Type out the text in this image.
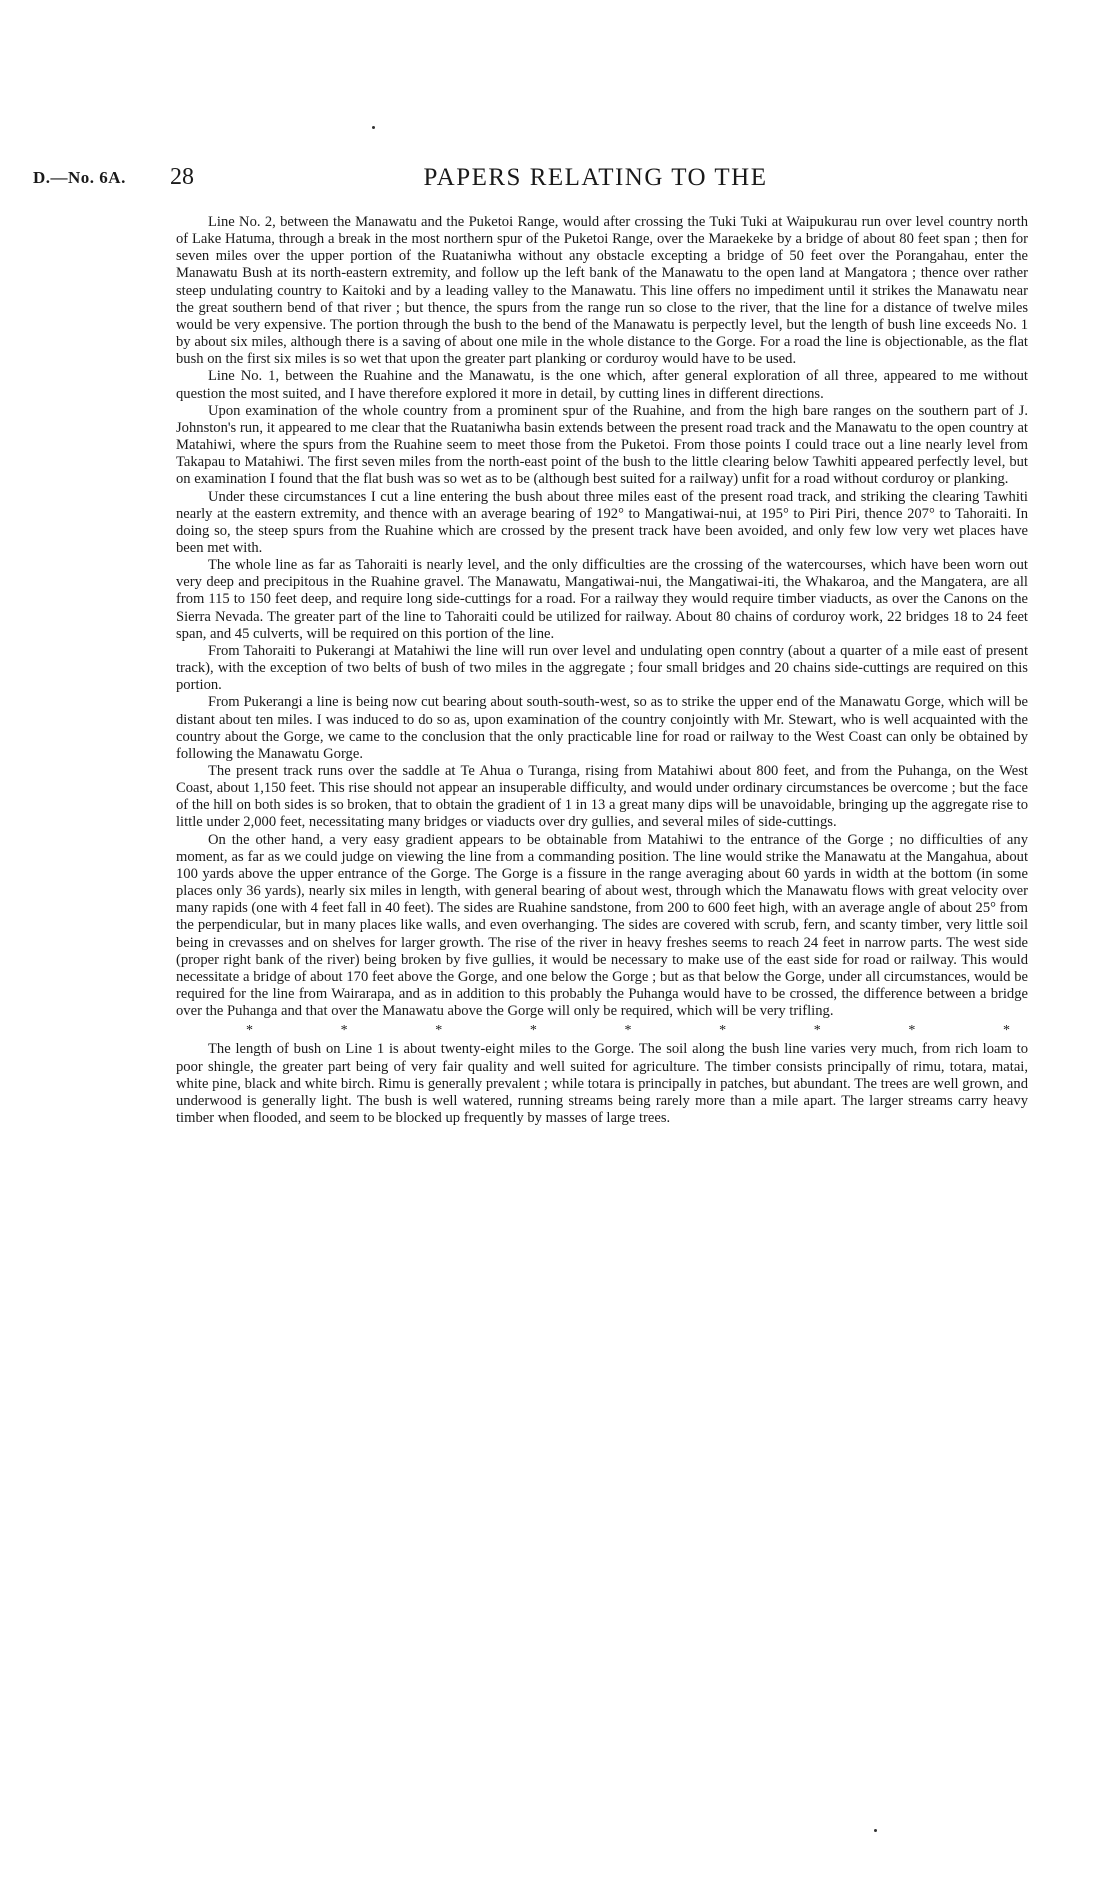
D.—No. 6A. 28	PAPERS RELATING TO THE

Line No. 2, between the Manawatu and the Puketoi Range, would after crossing the Tuki Tuki at Waipukurau run over level country north of Lake Hatuma, through a break in the most northern spur of the Puketoi Range, over the Maraekeke by a bridge of about 80 feet span ; then for seven miles over the upper portion of the Ruataniwha without any obstacle excepting a bridge of 50 feet over the Porangahau, enter the Manawatu Bush at its north-eastern extremity, and follow up the left bank of the Manawatu to the open land at Mangatora ; thence over rather steep undulating country to Kaitoki and by a leading valley to the Manawatu. This line offers no impediment until it strikes the Manawatu near the great southern bend of that river ; but thence, the spurs from the range run so close to the river, that the line for a distance of twelve miles would be very expensive. The portion through the bush to the bend of the Manawatu is perpectly level, but the length of bush line exceeds No. 1 by about six miles, although there is a saving of about one mile in the whole distance to the Gorge. For a road the line is objectionable, as the flat bush on the first six miles is so wet that upon the greater part planking or corduroy would have to be used.

Line No. 1, between the Ruahine and the Manawatu, is the one which, after general exploration of all three, appeared to me without question the most suited, and I have therefore explored it more in detail, by cutting lines in different directions.

Upon examination of the whole country from a prominent spur of the Ruahine, and from the high bare ranges on the southern part of J. Johnston's run, it appeared to me clear that the Ruataniwha basin extends between the present road track and the Manawatu to the open country at Matahiwi, where the spurs from the Ruahine seem to meet those from the Puketoi. From those points I could trace out a line nearly level from Takapau to Matahiwi. The first seven miles from the north-east point of the bush to the little clearing below Tawhiti appeared perfectly level, but on examination I found that the flat bush was so wet as to be (although best suited for a railway) unfit for a road without corduroy or planking.

Under these circumstances I cut a line entering the bush about three miles east of the present road track, and striking the clearing Tawhiti nearly at the eastern extremity, and thence with an average bearing of 192° to Mangatiwai-nui, at 195° to Piri Piri, thence 207° to Tahoraiti. In doing so, the steep spurs from the Ruahine which are crossed by the present track have been avoided, and only few low very wet places have been met with.

The whole line as far as Tahoraiti is nearly level, and the only difficulties are the crossing of the watercourses, which have been worn out very deep and precipitous in the Ruahine gravel. The Manawatu, Mangatiwai-nui, the Mangatiwai-iti, the Whakaroa, and the Mangatera, are all from 115 to 150 feet deep, and require long side-cuttings for a road. For a railway they would require timber viaducts, as over the Canons on the Sierra Nevada. The greater part of the line to Tahoraiti could be utilized for railway. About 80 chains of corduroy work, 22 bridges 18 to 24 feet span, and 45 culverts, will be required on this portion of the line.

From Tahoraiti to Pukerangi at Matahiwi the line will run over level and undulating open conntry (about a quarter of a mile east of present track), with the exception of two belts of bush of two miles in the aggregate ; four small bridges and 20 chains side-cuttings are required on this portion.

From Pukerangi a line is being now cut bearing about south-south-west, so as to strike the upper end of the Manawatu Gorge, which will be distant about ten miles. I was induced to do so as, upon examination of the country conjointly with Mr. Stewart, who is well acquainted with the country about the Gorge, we came to the conclusion that the only practicable line for road or railway to the West Coast can only be obtained by following the Manawatu Gorge.

The present track runs over the saddle at Te Ahua o Turanga, rising from Matahiwi about 800 feet, and from the Puhanga, on the West Coast, about 1,150 feet. This rise should not appear an insuperable difficulty, and would under ordinary circumstances be overcome ; but the face of the hill on both sides is so broken, that to obtain the gradient of 1 in 13 a great many dips will be unavoidable, bringing up the aggregate rise to little under 2,000 feet, necessitating many bridges or viaducts over dry gullies, and several miles of side-cuttings.

On the other hand, a very easy gradient appears to be obtainable from Matahiwi to the entrance of the Gorge ; no difficulties of any moment, as far as we could judge on viewing the line from a commanding position. The line would strike the Manawatu at the Mangahua, about 100 yards above the upper entrance of the Gorge. The Gorge is a fissure in the range averaging about 60 yards in width at the bottom (in some places only 36 yards), nearly six miles in length, with general bearing of about west, through which the Manawatu flows with great velocity over many rapids (one with 4 feet fall in 40 feet). The sides are Ruahine sandstone, from 200 to 600 feet high, with an average angle of about 25° from the perpendicular, but in many places like walls, and even overhanging. The sides are covered with scrub, fern, and scanty timber, very little soil being in crevasses and on shelves for larger growth. The rise of the river in heavy freshes seems to reach 24 feet in narrow parts. The west side (proper right bank of the river) being broken by five gullies, it would be necessary to make use of the east side for road or railway. This would necessitate a bridge of about 170 feet above the Gorge, and one below the Gorge ; but as that below the Gorge, under all circumstances, would be required for the line from Wairarapa, and as in addition to this probably the Puhanga would have to be crossed, the difference between a bridge over the Puhanga and that over the Manawatu above the Gorge will only be required, which will be very trifling.

*	*	*	*	*	*	*	*	*

The length of bush on Line 1 is about twenty-eight miles to the Gorge. The soil along the bush line varies very much, from rich loam to poor shingle, the greater part being of very fair quality and well suited for agriculture. The timber consists principally of rimu, totara, matai, white pine, black and white birch. Rimu is generally prevalent ; while totara is principally in patches, but abundant. The trees are well grown, and underwood is generally light. The bush is well watered, running streams being rarely more than a mile apart. The larger streams carry heavy timber when flooded, and seem to be blocked up frequently by masses of large trees.
